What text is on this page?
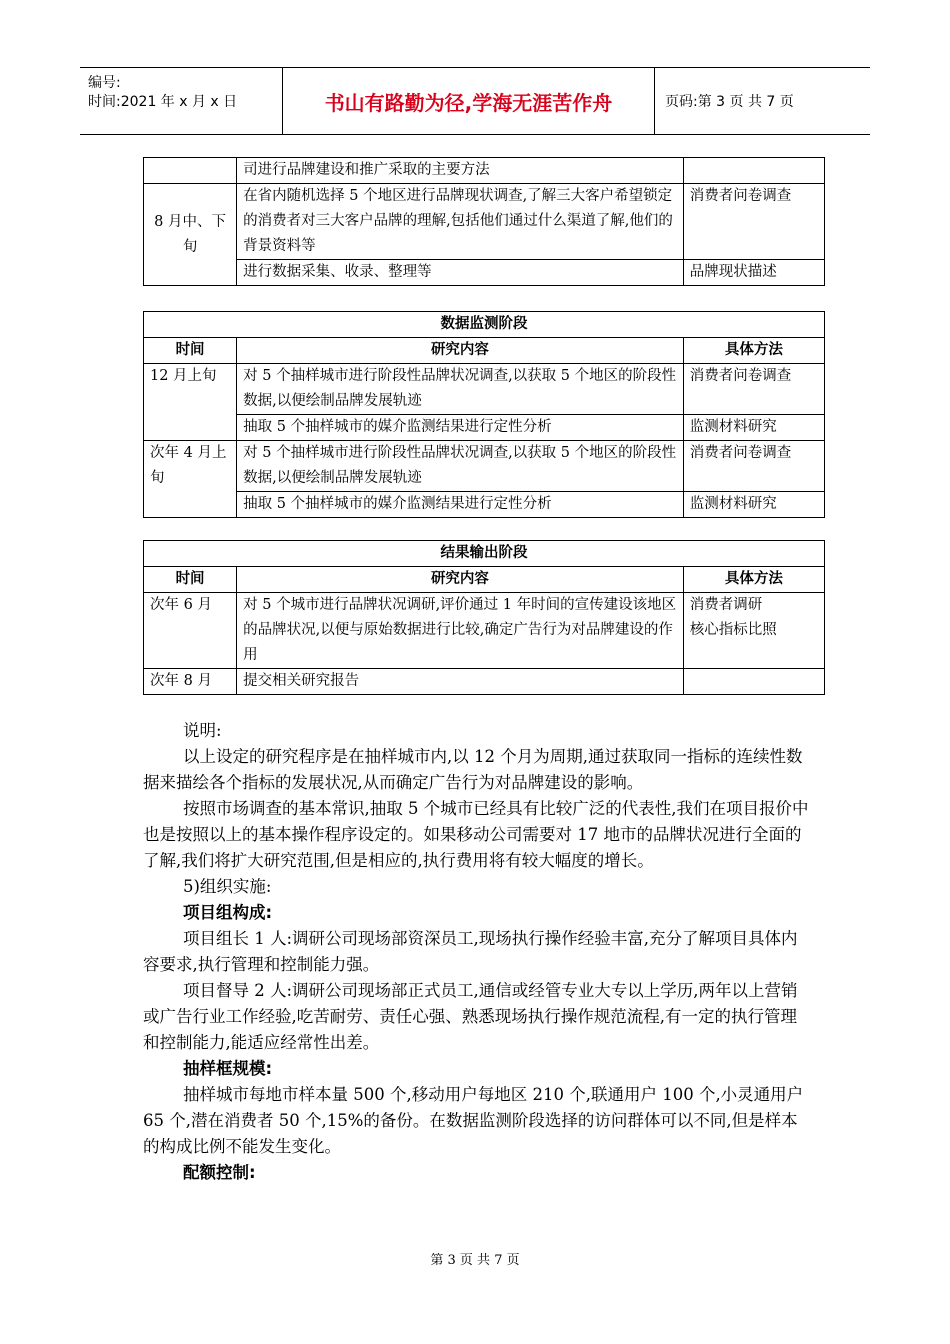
编号:
时间:2021 年 x 月 x 日	书山有路勤为径,学海无涯苦作舟	页码:第 3 页 共 7 页
	司进行品牌建设和推广采取的主要方法	
8 月中、下旬	在省内随机选择 5 个地区进行品牌现状调查,了解三大客户希望锁定的消费者对三大客户品牌的理解,包括他们通过什么渠道了解,他们的背景资料等	消费者问卷调查
	进行数据采集、收录、整理等	品牌现状描述
数据监测阶段		
时间	研究内容	具体方法
12 月上旬	对 5 个抽样城市进行阶段性品牌状况调查,以获取 5 个地区的阶段性数据,以便绘制品牌发展轨迹	消费者问卷调查
	抽取 5 个抽样城市的媒介监测结果进行定性分析	监测材料研究
次年 4 月上旬	对 5 个抽样城市进行阶段性品牌状况调查,以获取 5 个地区的阶段性数据,以便绘制品牌发展轨迹	消费者问卷调查
	抽取 5 个抽样城市的媒介监测结果进行定性分析	监测材料研究
结果输出阶段		
时间	研究内容	具体方法
次年 6 月	对 5 个城市进行品牌状况调研,评价通过 1 年时间的宣传建设该地区的品牌状况,以便与原始数据进行比较,确定广告行为对品牌建设的作用	消费者调研
核心指标比照

次年 8 月	提交相关研究报告	

说明:

以上设定的研究程序是在抽样城市内,以 12 个月为周期,通过获取同一指标的连续性数据来描绘各个指标的发展状况,从而确定广告行为对品牌建设的影响。

按照市场调查的基本常识,抽取 5 个城市已经具有比较广泛的代表性,我们在项目报价中也是按照以上的基本操作程序设定的。如果移动公司需要对 17 地市的品牌状况进行全面的了解,我们将扩大研究范围,但是相应的,执行费用将有较大幅度的增长。

5)组织实施:

项目组构成:

项目组长 1 人:调研公司现场部资深员工,现场执行操作经验丰富,充分了解项目具体内容要求,执行管理和控制能力强。

项目督导 2 人:调研公司现场部正式员工,通信或经管专业大专以上学历,两年以上营销或广告行业工作经验,吃苦耐劳、责任心强、熟悉现场执行操作规范流程,有一定的执行管理和控制能力,能适应经常性出差。

抽样框规模:

抽样城市每地市样本量 500 个,移动用户每地区 210 个,联通用户 100 个,小灵通用户 65 个,潜在消费者 50 个,15%的备份。在数据监测阶段选择的访问群体可以不同,但是样本的构成比例不能发生变化。

配额控制:

第 3 页 共 7 页
